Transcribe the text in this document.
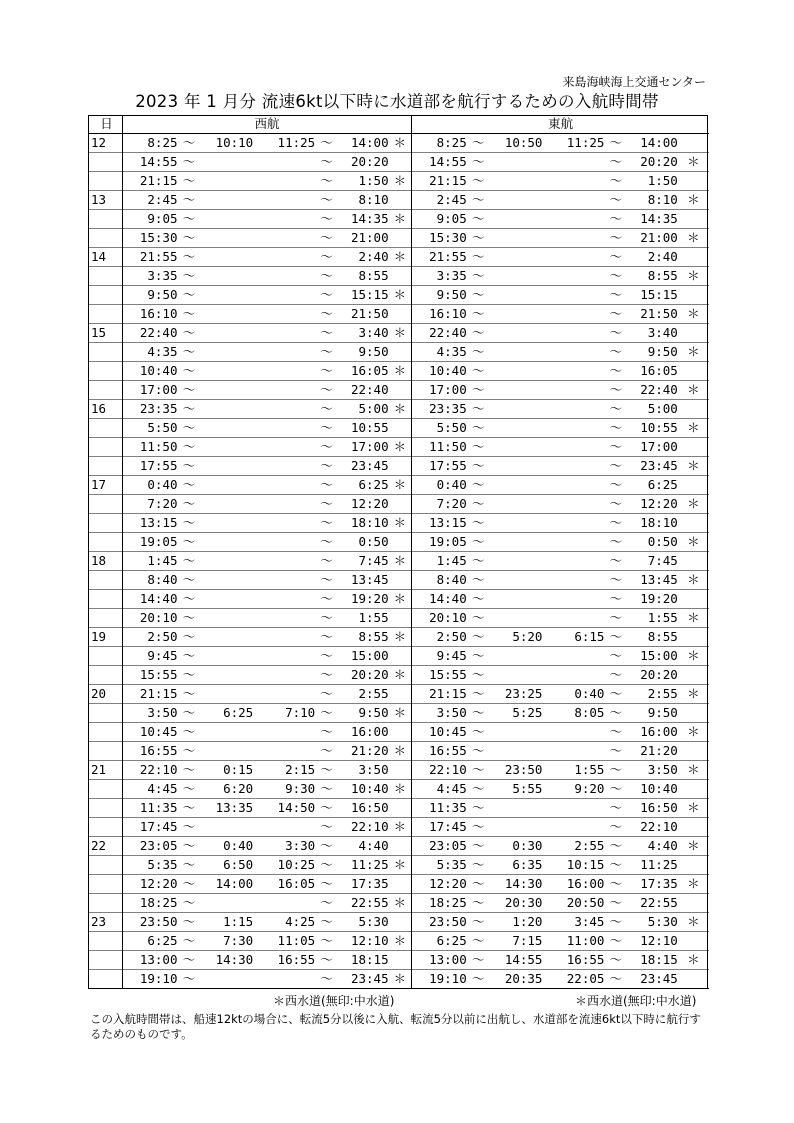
来島海峡海上交通センター
2023 年 1 月分 流速6kt以下時に水道部を航行するための入航時間帯
日	西航							東航						
12	8:25	～	10:10	11:25	～	14:00	＊	8:25	～	10:50	11:25	～	14:00	
	14:55	～			～	20:20		14:55	～			～	20:20	＊
	21:15	～			～	1:50	＊	21:15	～			～	1:50	
13	2:45	～			～	8:10		2:45	～			～	8:10	＊
	9:05	～			～	14:35	＊	9:05	～			～	14:35	
	15:30	～			～	21:00		15:30	～			～	21:00	＊
14	21:55	～			～	2:40	＊	21:55	～			～	2:40	
	3:35	～			～	8:55		3:35	～			～	8:55	＊
	9:50	～			～	15:15	＊	9:50	～			～	15:15	
	16:10	～			～	21:50		16:10	～			～	21:50	＊
15	22:40	～			～	3:40	＊	22:40	～			～	3:40	
	4:35	～			～	9:50		4:35	～			～	9:50	＊
	10:40	～			～	16:05	＊	10:40	～			～	16:05	
	17:00	～			～	22:40		17:00	～			～	22:40	＊
16	23:35	～			～	5:00	＊	23:35	～			～	5:00	
	5:50	～			～	10:55		5:50	～			～	10:55	＊
	11:50	～			～	17:00	＊	11:50	～			～	17:00	
	17:55	～			～	23:45		17:55	～			～	23:45	＊
17	0:40	～			～	6:25	＊	0:40	～			～	6:25	
	7:20	～			～	12:20		7:20	～			～	12:20	＊
	13:15	～			～	18:10	＊	13:15	～			～	18:10	
	19:05	～			～	0:50		19:05	～			～	0:50	＊
18	1:45	～			～	7:45	＊	1:45	～			～	7:45	
	8:40	～			～	13:45		8:40	～			～	13:45	＊
	14:40	～			～	19:20	＊	14:40	～			～	19:20	
	20:10	～			～	1:55		20:10	～			～	1:55	＊
19	2:50	～			～	8:55	＊	2:50	～	5:20	6:15	～	8:55	
	9:45	～			～	15:00		9:45	～			～	15:00	＊
	15:55	～			～	20:20	＊	15:55	～			～	20:20	
20	21:15	～			～	2:55		21:15	～	23:25	0:40	～	2:55	＊
	3:50	～	6:25	7:10	～	9:50	＊	3:50	～	5:25	8:05	～	9:50	
	10:45	～			～	16:00		10:45	～			～	16:00	＊
	16:55	～			～	21:20	＊	16:55	～			～	21:20	
21	22:10	～	0:15	2:15	～	3:50		22:10	～	23:50	1:55	～	3:50	＊
	4:45	～	6:20	9:30	～	10:40	＊	4:45	～	5:55	9:20	～	10:40	
	11:35	～	13:35	14:50	～	16:50		11:35	～			～	16:50	＊
	17:45	～			～	22:10	＊	17:45	～			～	22:10	
22	23:05	～	0:40	3:30	～	4:40		23:05	～	0:30	2:55	～	4:40	＊
	5:35	～	6:50	10:25	～	11:25	＊	5:35	～	6:35	10:15	～	11:25	
	12:20	～	14:00	16:05	～	17:35		12:20	～	14:30	16:00	～	17:35	＊
	18:25	～			～	22:55	＊	18:25	～	20:30	20:50	～	22:55	
23	23:50	～	1:15	4:25	～	5:30		23:50	～	1:20	3:45	～	5:30	＊
	6:25	～	7:30	11:05	～	12:10	＊	6:25	～	7:15	11:00	～	12:10	
	13:00	～	14:30	16:55	～	18:15		13:00	～	14:55	16:55	～	18:15	＊
	19:10	～			～	23:45	＊	19:10	～	20:35	22:05	～	23:45	
＊西水道(無印:中水道)	＊西水道(無印:中水道)
この入航時間帯は、船速12ktの場合に、転流5分以後に入航、転流5分以前に出航し、水道部を流速6kt以下時に航行するためのものです。
